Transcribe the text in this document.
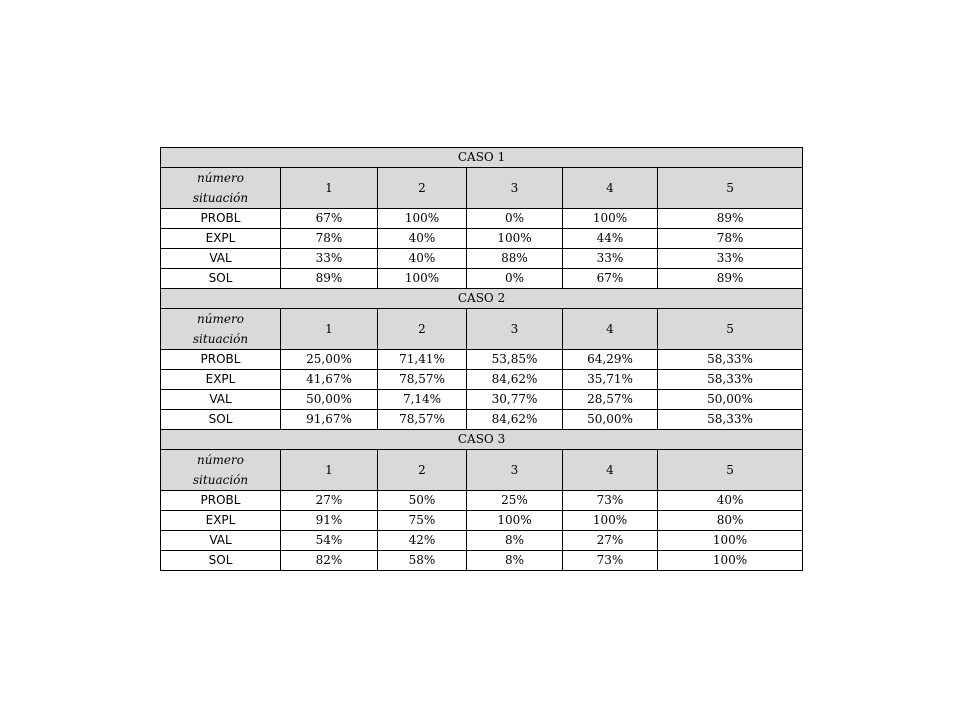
CASO 1					

número
situación	1	2	3	4	5
PROBL	67%	100%	0%	100%	89%
EXPL	78%	40%	100%	44%	78%
VAL	33%	40%	88%	33%	33%
SOL	89%	100%	0%	67%	89%
CASO 2					

número
situación	1	2	3	4	5
PROBL	25,00%	71,41%	53,85%	64,29%	58,33%
EXPL	41,67%	78,57%	84,62%	35,71%	58,33%
VAL	50,00%	7,14%	30,77%	28,57%	50,00%
SOL	91,67%	78,57%	84,62%	50,00%	58,33%
CASO 3					

número
situación	1	2	3	4	5
PROBL	27%	50%	25%	73%	40%
EXPL	91%	75%	100%	100%	80%
VAL	54%	42%	8%	27%	100%
SOL	82%	58%	8%	73%	100%
